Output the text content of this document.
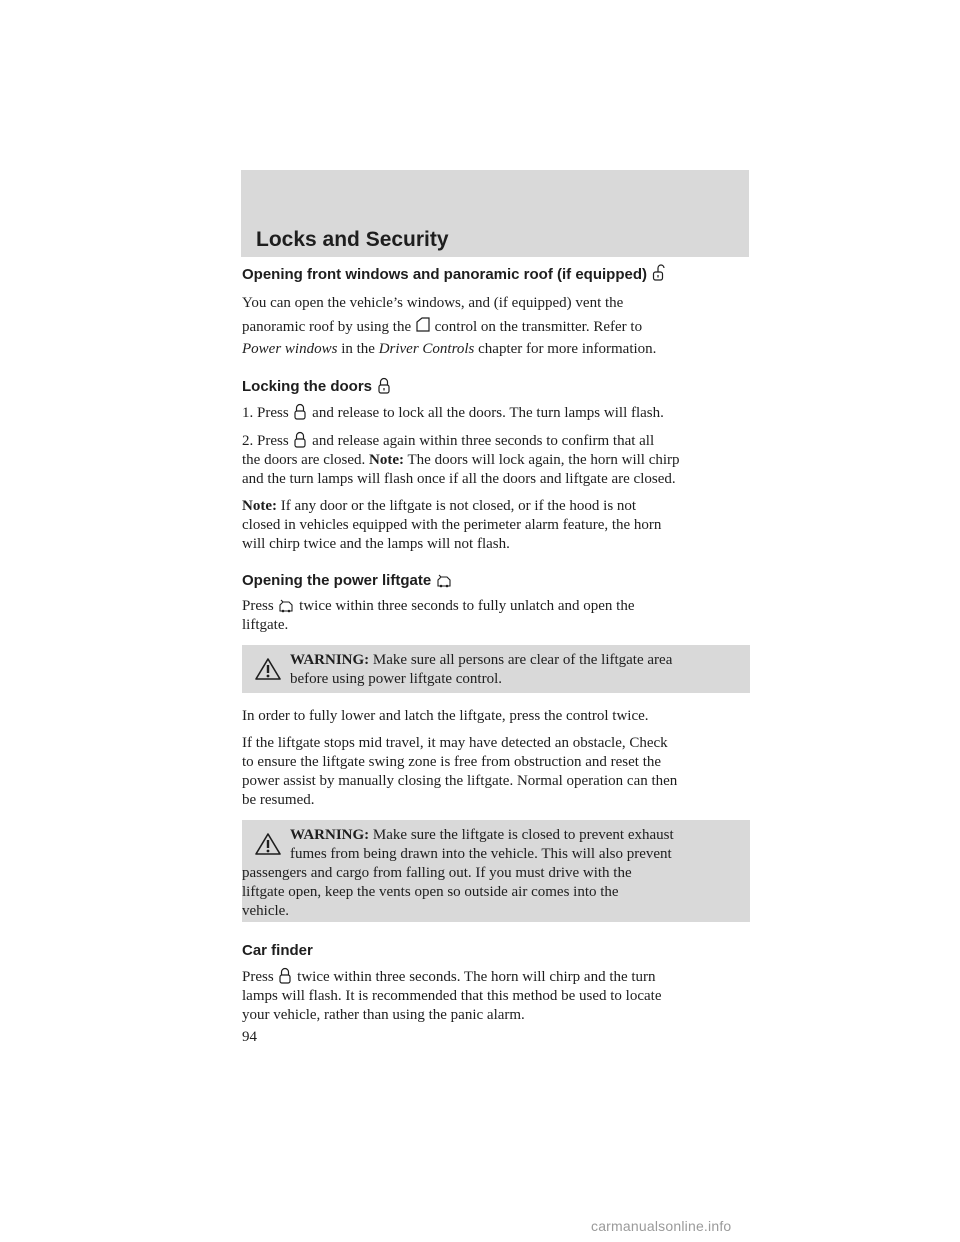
Locks and Security
Opening front windows and panoramic roof (if equipped)

You can open the vehicle’s windows, and (if equipped) vent the

panoramic roof by using the control on the transmitter. Refer to

Power windows in the Driver Controls chapter for more information.

Locking the doors

1. Press and release to lock all the doors. The turn lamps will flash.

2. Press and release again within three seconds to confirm that all
the doors are closed. Note: The doors will lock again, the horn will chirp
and the turn lamps will flash once if all the doors and liftgate are closed.

Note: If any door or the liftgate is not closed, or if the hood is not
closed in vehicles equipped with the perimeter alarm feature, the horn
will chirp twice and the lamps will not flash.

Opening the power liftgate

Press twice within three seconds to fully unlatch and open the
liftgate.

WARNING: Make sure all persons are clear of the liftgate area
before using power liftgate control.

In order to fully lower and latch the liftgate, press the control twice.

If the liftgate stops mid travel, it may have detected an obstacle, Check
to ensure the liftgate swing zone is free from obstruction and reset the
power assist by manually closing the liftgate. Normal operation can then
be resumed.

WARNING: Make sure the liftgate is closed to prevent exhaust
fumes from being drawn into the vehicle. This will also prevent

passengers and cargo from falling out. If you must drive with the
liftgate open, keep the vents open so outside air comes into the
vehicle.

Car finder

Press twice within three seconds. The horn will chirp and the turn
lamps will flash. It is recommended that this method be used to locate
your vehicle, rather than using the panic alarm.

94

carmanualsonline.info
